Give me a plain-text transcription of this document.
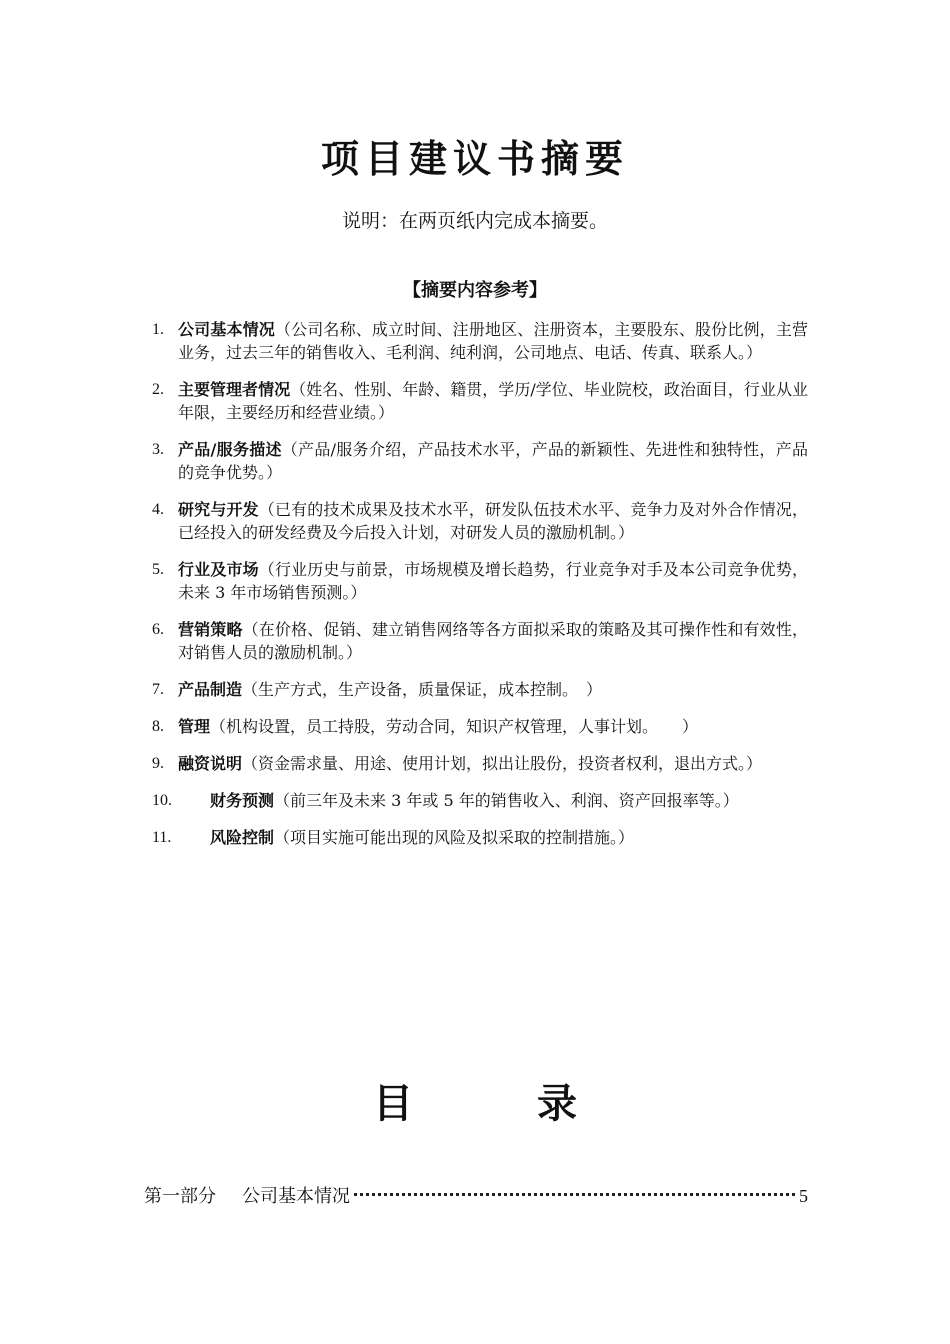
项目建议书摘要

说明：在两页纸内完成本摘要。

【摘要内容参考】

1. 公司基本情况（公司名称、成立时间、注册地区、注册资本，主要股东、股份比例，主营业务，过去三年的销售收入、毛利润、纯利润，公司地点、电话、传真、联系人。）
2. 主要管理者情况（姓名、性别、年龄、籍贯，学历/学位、毕业院校，政治面目，行业从业年限，主要经历和经营业绩。）
3. 产品/服务描述（产品/服务介绍，产品技术水平，产品的新颖性、先进性和独特性，产品的竞争优势。）
4. 研究与开发（已有的技术成果及技术水平，研发队伍技术水平、竞争力及对外合作情况，已经投入的研发经费及今后投入计划，对研发人员的激励机制。）
5. 行业及市场（行业历史与前景，市场规模及增长趋势，行业竞争对手及本公司竞争优势，未来 3 年市场销售预测。）
6. 营销策略（在价格、促销、建立销售网络等各方面拟采取的策略及其可操作性和有效性，对销售人员的激励机制。）
7. 产品制造（生产方式，生产设备，质量保证，成本控制。　）
8. 管理（机构设置，员工持股，劳动合同，知识产权管理，人事计划。　　）
9. 融资说明（资金需求量、用途、使用计划，拟出让股份，投资者权利，退出方式。）
10.	财务预测（前三年及未来 3 年或 5 年的销售收入、利润、资产回报率等。）
11.	风险控制（项目实施可能出现的风险及拟采取的控制措施。）
目 录
第一部分 公司基本情况	5
